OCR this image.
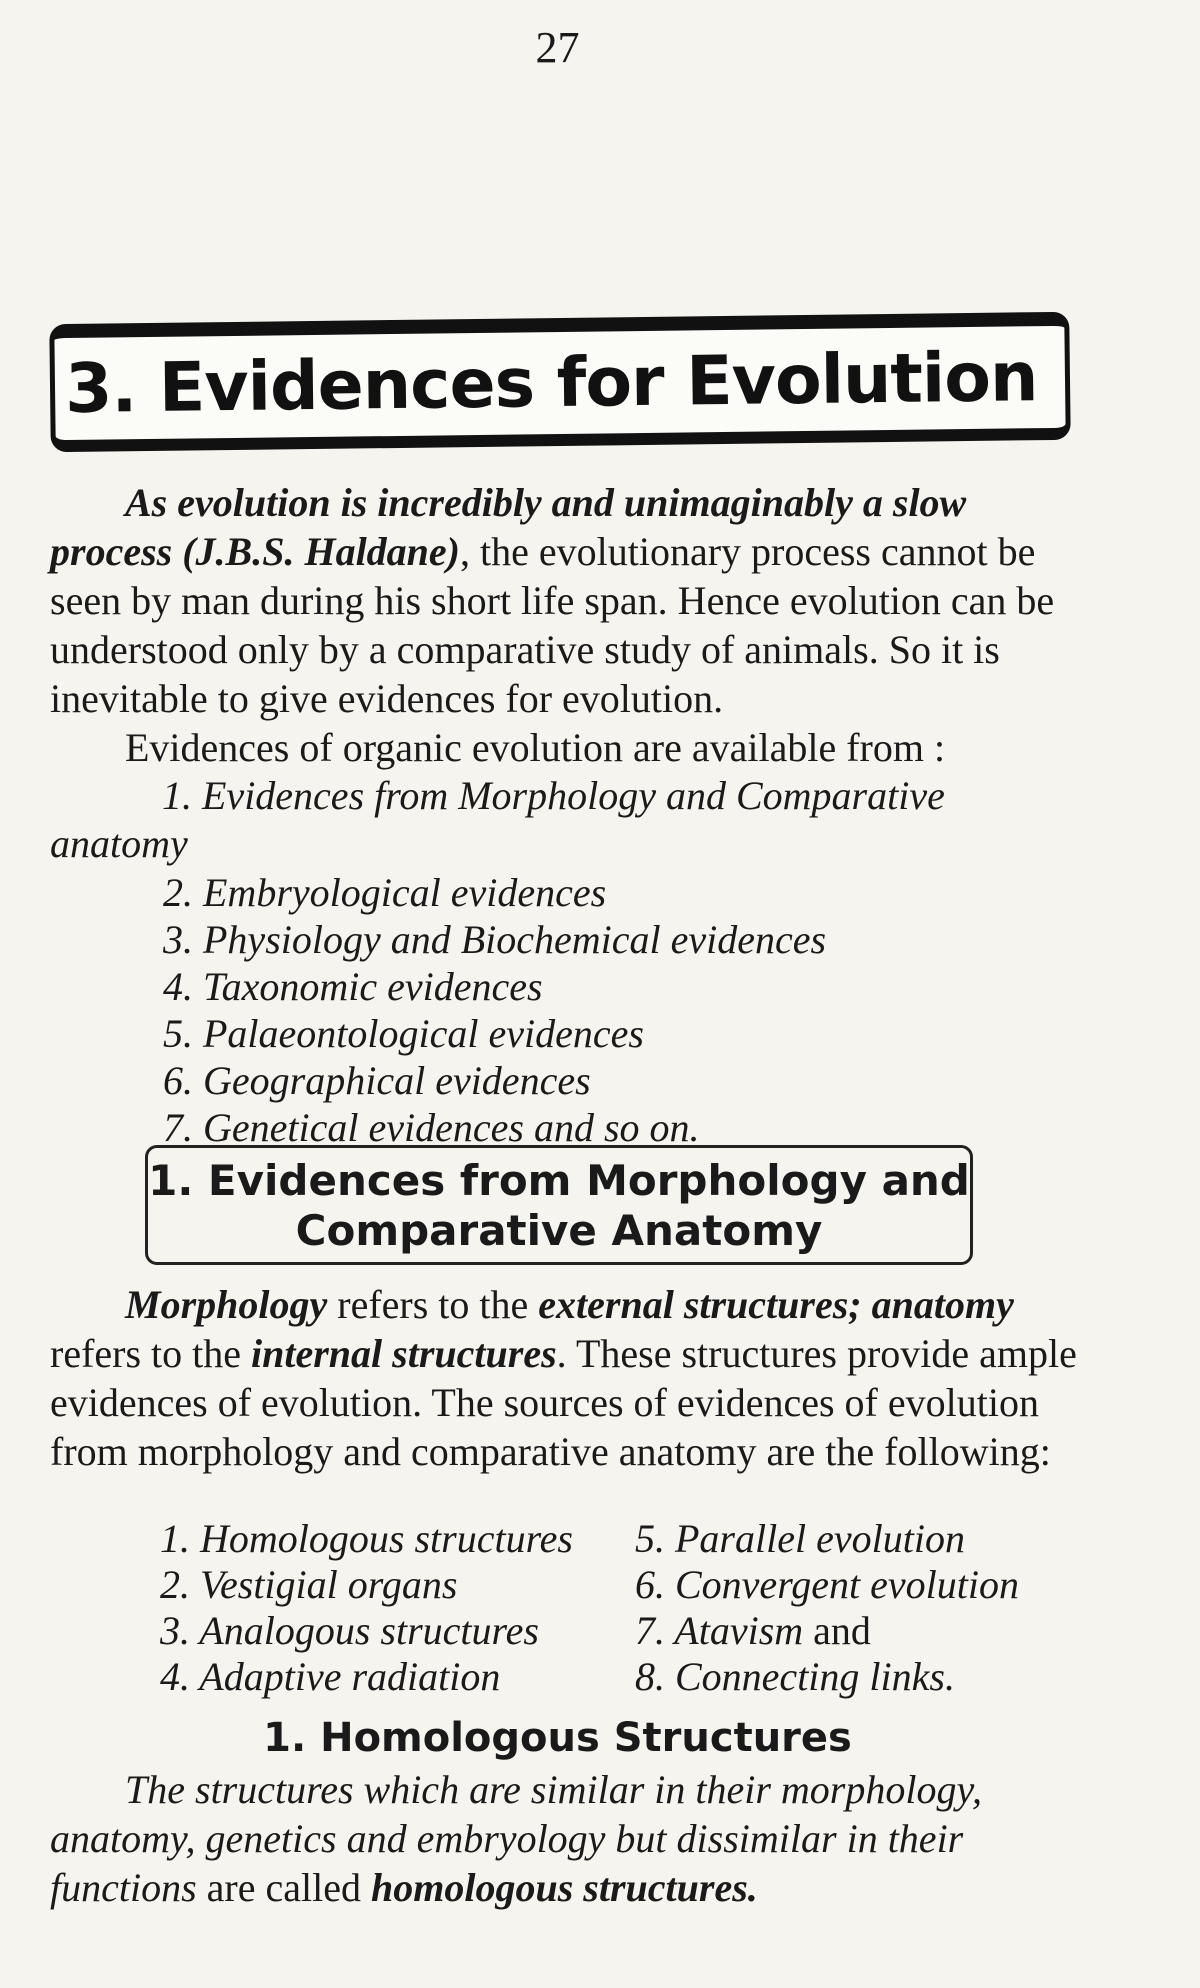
27
3. Evidences for Evolution

As evolution is incredibly and unimaginably a slow process (J.B.S. Haldane), the evolutionary process cannot be seen by man during his short life span. Hence evolution can be understood only by a comparative study of animals. So it is inevitable to give evidences for evolution.

Evidences of organic evolution are available from :

1. Evidences from Morphology and Comparative anatomy
2. Embryological evidences
3. Physiology and Biochemical evidences
4. Taxonomic evidences
5. Palaeontological evidences
6. Geographical evidences
7. Genetical evidences and so on.
1. Evidences from Morphology and
Comparative Anatomy

Morphology refers to the external structures; anatomy refers to the internal structures. These structures provide ample evidences of evolution. The sources of evidences of evolution from morphology and comparative anatomy are the following:

1. Homologous structures
2. Vestigial organs
3. Analogous structures
4. Adaptive radiation
5. Parallel evolution
6. Convergent evolution
7. Atavism and
8. Connecting links.
1. Homologous Structures

The structures which are similar in their morphology, anatomy, genetics and embryology but dissimilar in their functions are called homologous structures.
